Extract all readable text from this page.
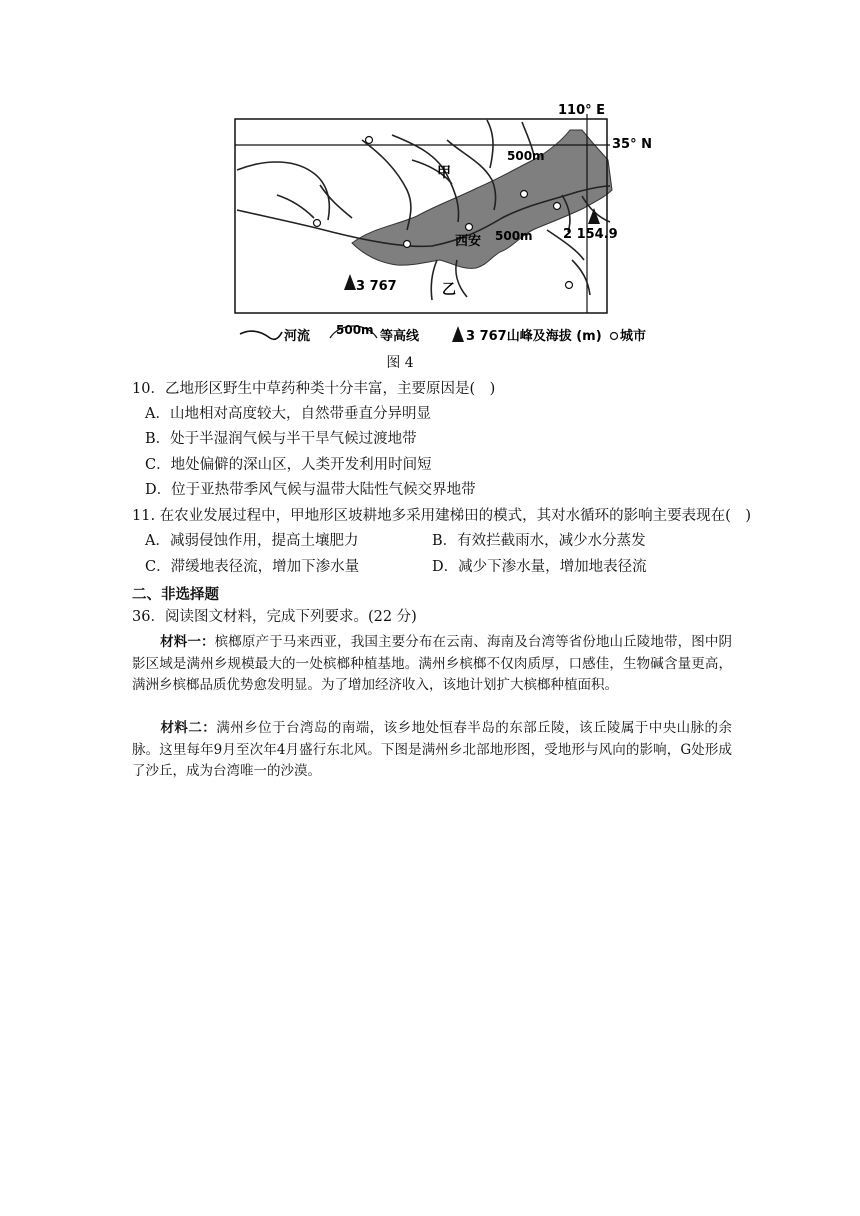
110° E
35° N
甲
500m
西安 500m 2 154.9
3 767	乙
河流 500m 等高线	3 767山峰及海拔 (m) 城市
图 4
10．乙地形区野生中草药种类十分丰富，主要原因是(　)
A．山地相对高度较大，自然带垂直分异明显
B．处于半湿润气候与半干旱气候过渡地带
C．地处偏僻的深山区，人类开发利用时间短
D．位于亚热带季风气候与温带大陆性气候交界地带
11. 在农业发展过程中，甲地形区坡耕地多采用建梯田的模式，其对水循环的影响主要表现在(　)
A．减弱侵蚀作用，提高土壤肥力	B．有效拦截雨水，减少水分蒸发
C．滞缓地表径流，增加下渗水量	D．减少下渗水量，增加地表径流
二、非选择题
36．阅读图文材料，完成下列要求。(22 分)
材料一：槟榔原产于马来西亚，我国主要分布在云南、海南及台湾等省份地山丘陵地带，图中阴影区域是满州乡规模最大的一处槟榔种植基地。满州乡槟榔不仅肉质厚，口感佳，生物碱含量更高，满洲乡槟榔品质优势愈发明显。为了增加经济收入，该地计划扩大槟榔种植面积。
材料二：满州乡位于台湾岛的南端，该乡地处恒春半岛的东部丘陵，该丘陵属于中央山脉的余脉。这里每年9月至次年4月盛行东北风。下图是满州乡北部地形图，受地形与风向的影响，G处形成了沙丘，成为台湾唯一的沙漠。
